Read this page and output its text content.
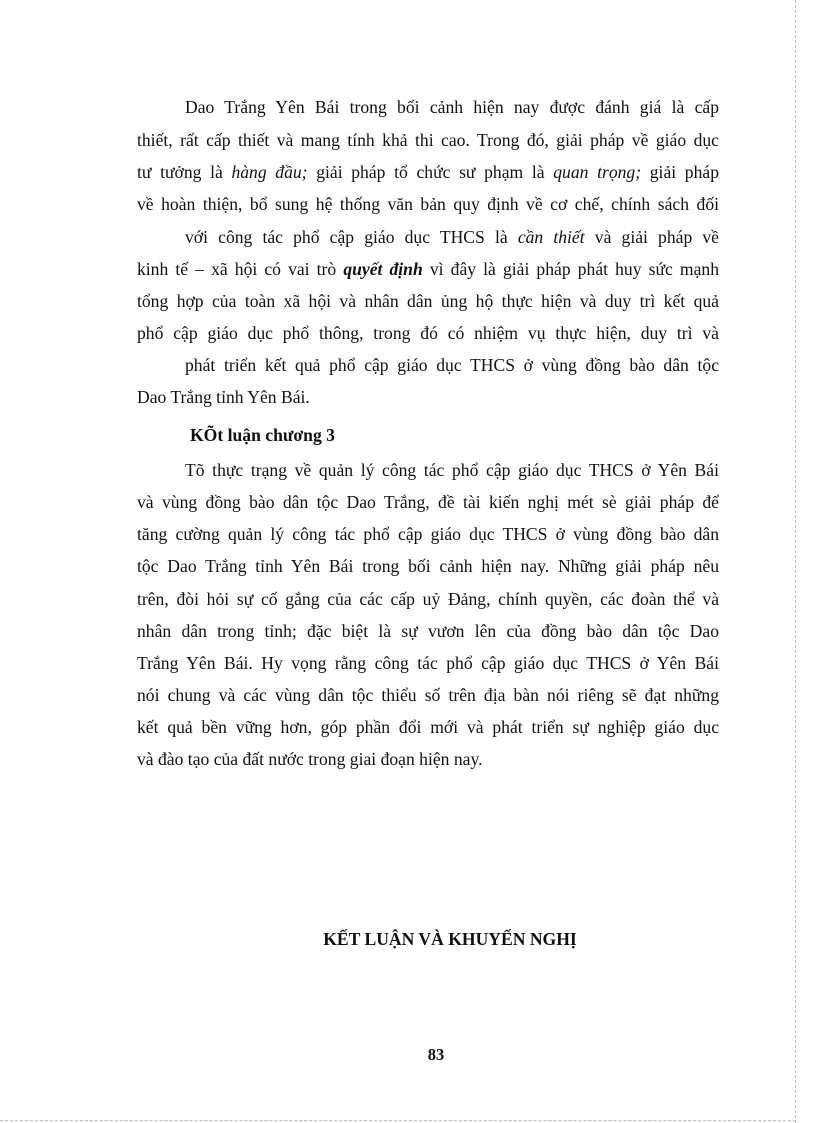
Dao Trắng Yên Bái trong bối cảnh hiện nay được đánh giá là cấp
thiết, rất cấp thiết và mang tính khả thi cao. Trong đó, giải pháp về giáo dục
tư tưởng là hàng đầu; giải pháp tổ chức sư phạm là quan trọng; giải pháp
về hoàn thiện, bổ sung hệ thống văn bản quy định về cơ chế, chính sách đối
với công tác phổ cập giáo dục THCS là cần thiết và giải pháp về
kinh tế – xã hội có vai trò quyết định vì đây là giải pháp phát huy sức mạnh
tổng hợp của toàn xã hội và nhân dân ủng hộ thực hiện và duy trì kết quả
phổ cập giáo dục phổ thông, trong đó có nhiệm vụ thực hiện, duy trì và
phát triển kết quả phổ cập giáo dục THCS ở vùng đồng bào dân tộc
Dao Trắng tỉnh Yên Bái.
KÕt luận chương 3
Tõ thực trạng về quản lý công tác phổ cập giáo dục THCS ở Yên Bái
và vùng đồng bào dân tộc Dao Trắng, đề tài kiến nghị mét sè giải pháp để
tăng cường quản lý công tác phổ cập giáo dục THCS ở vùng đồng bào dân
tộc Dao Trắng tỉnh Yên Bái trong bối cảnh hiện nay. Những giải pháp nêu
trên, đòi hỏi sự cố gắng của các cấp uỷ Đảng, chính quyền, các đoàn thể và
nhân dân trong tỉnh; đặc biệt là sự vươn lên của đồng bào dân tộc Dao
Trắng Yên Bái. Hy vọng rằng công tác phổ cập giáo dục THCS ở Yên Bái
nói chung và các vùng dân tộc thiểu số trên địa bàn nói riêng sẽ đạt những
kết quả bền vững hơn, góp phần đổi mới và phát triển sự nghiệp giáo dục
và đào tạo của đất nước trong giai đoạn hiện nay.
KẾT LUẬN VÀ KHUYẾN NGHỊ
83
